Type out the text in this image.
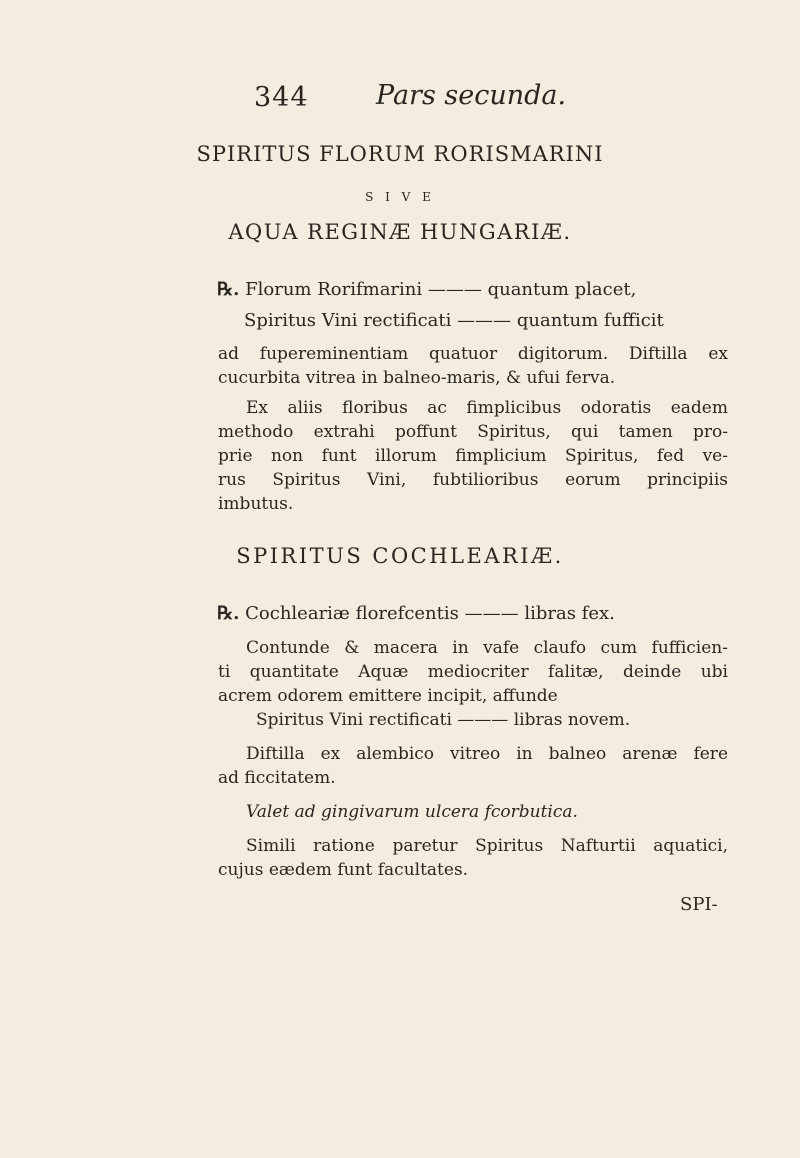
344 Pars secunda.
SPIRITUS FLORUM RORISMARINI
S I V E
AQUA REGINÆ HUNGARIÆ.
℞. Florum Rorifmarini ——— quantum placet,
Spiritus Vini rectificati ——— quantum fufficit
ad fupereminentiam quatuor digitorum. Diftilla ex
cucurbita vitrea in balneo-maris, & ufui ferva.
Ex aliis floribus ac fimplicibus odoratis eadem
methodo extrahi poffunt Spiritus, qui tamen pro-
prie non funt illorum fimplicium Spiritus, fed ve-
rus Spiritus Vini, fubtilioribus eorum principiis
imbutus.
SPIRITUS COCHLEARIÆ.
℞. Cochleariæ florefcentis ——— libras fex.
Contunde & macera in vafe claufo cum fufficien-
ti quantitate Aquæ mediocriter falitæ, deinde ubi
acrem odorem emittere incipit, affunde
Spiritus Vini rectificati ——— libras novem.
Diftilla ex alembico vitreo in balneo arenæ fere
ad ficcitatem.
Valet ad gingivarum ulcera fcorbutica.
Simili ratione paretur Spiritus Nafturtii aquatici,
cujus eædem funt facultates.
SPI-
